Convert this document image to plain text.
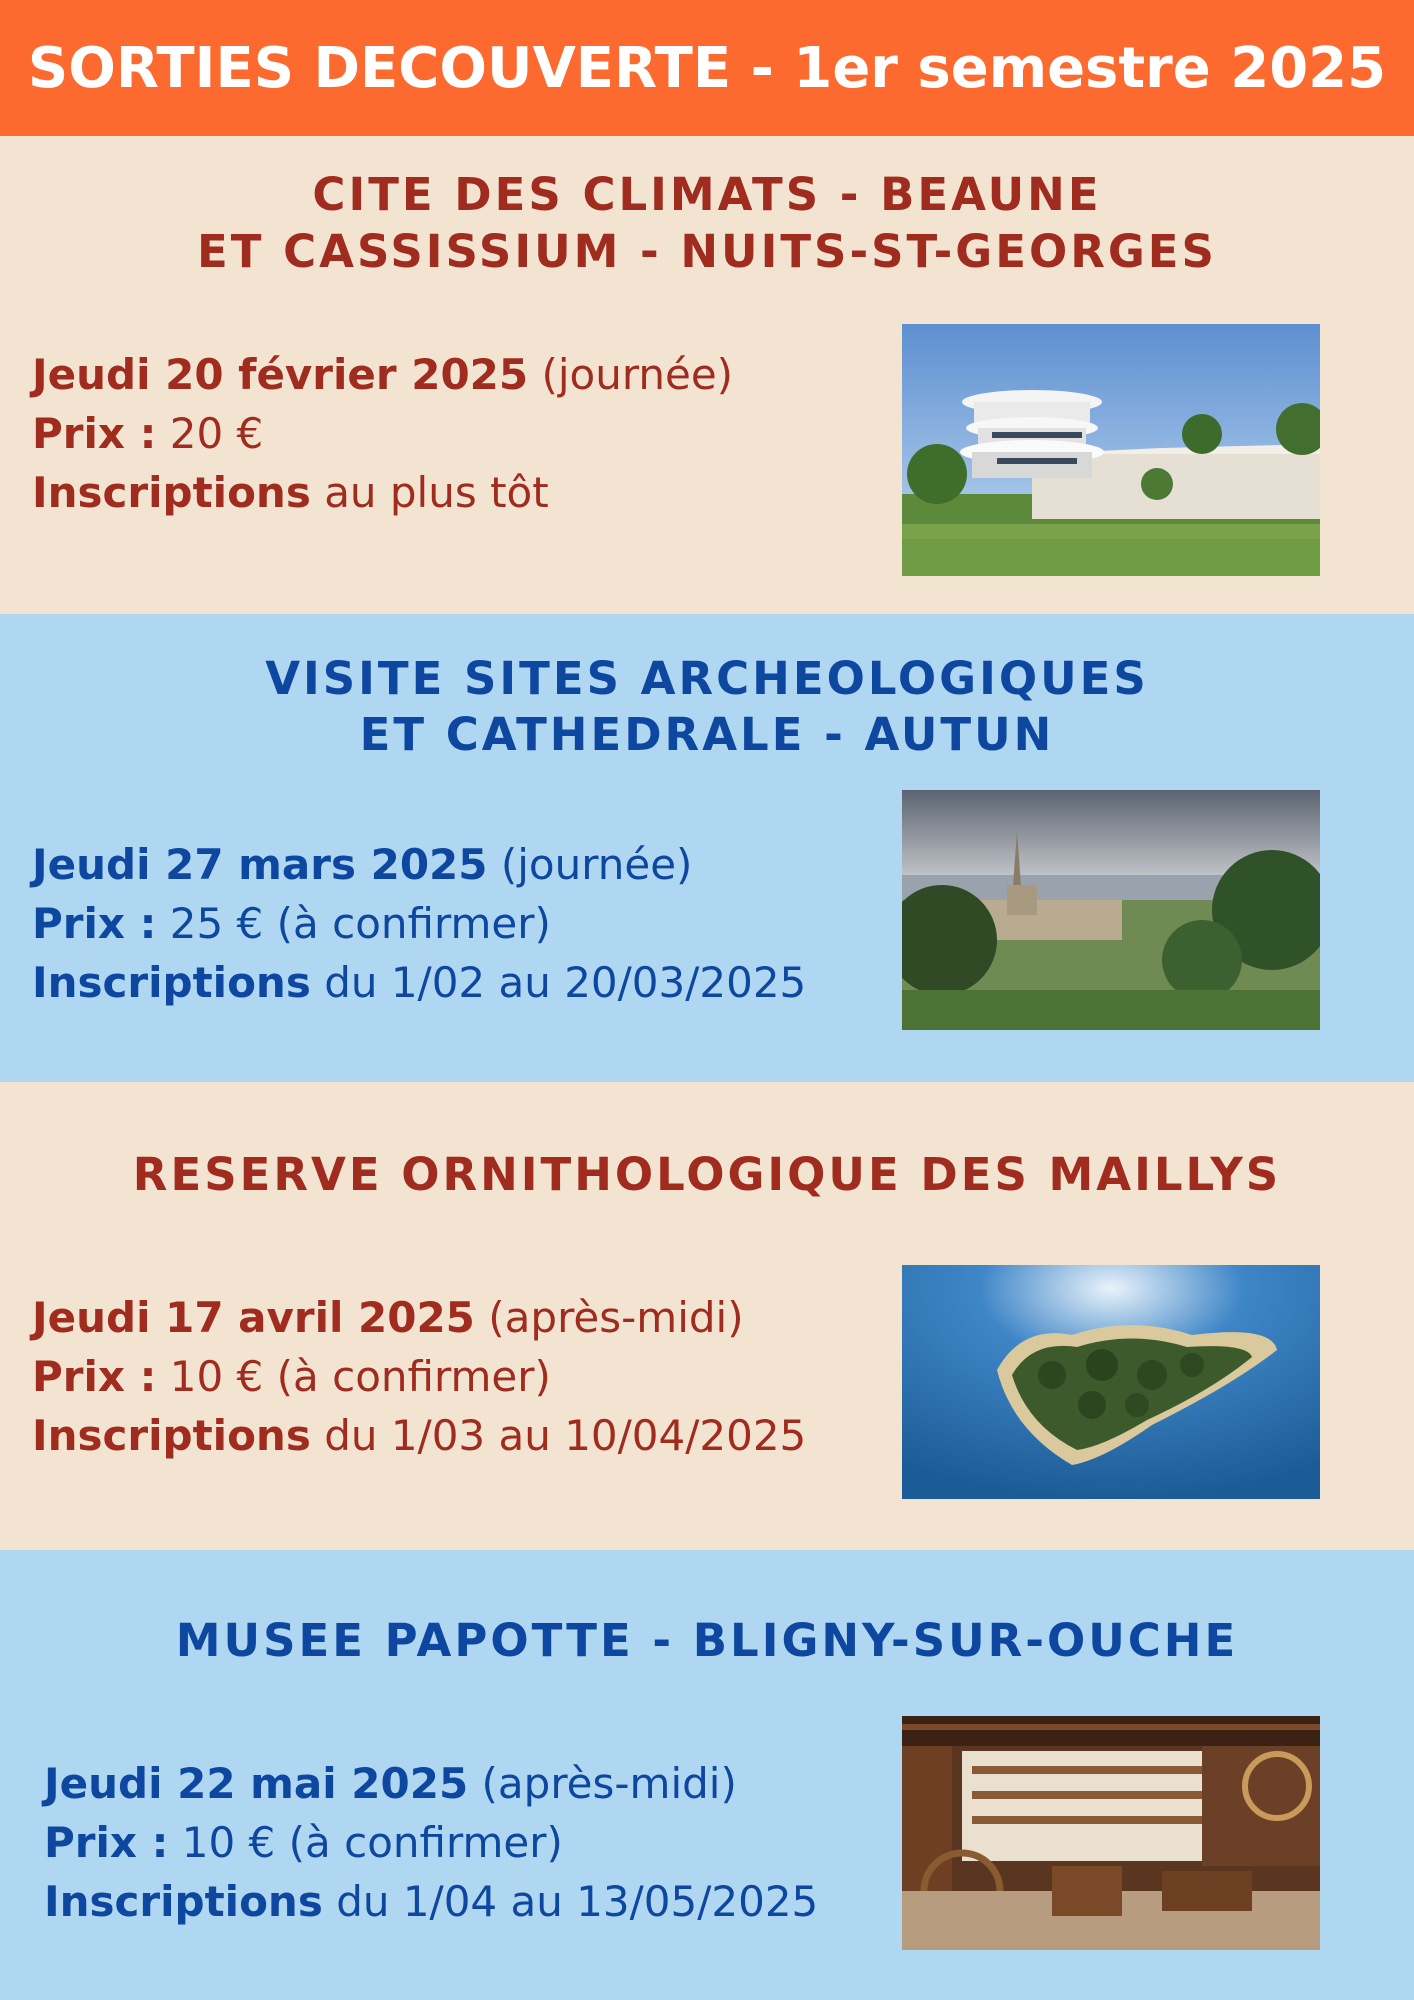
SORTIES DECOUVERTE - 1er semestre 2025
CITE DES CLIMATS - BEAUNE
ET CASSISSIUM - NUITS-ST-GEORGES
Jeudi 20 février 2025 (journée)
Prix : 20 €
Inscriptions au plus tôt
VISITE SITES ARCHEOLOGIQUES
ET CATHEDRALE - AUTUN
Jeudi 27 mars 2025 (journée)
Prix : 25 € (à confirmer)
Inscriptions du 1/02 au 20/03/2025
RESERVE ORNITHOLOGIQUE DES MAILLYS
Jeudi 17 avril 2025 (après-midi)
Prix : 10 € (à confirmer)
Inscriptions du 1/03 au 10/04/2025
MUSEE PAPOTTE - BLIGNY-SUR-OUCHE
Jeudi 22 mai 2025 (après-midi)
Prix : 10 € (à confirmer)
Inscriptions du 1/04 au 13/05/2025
